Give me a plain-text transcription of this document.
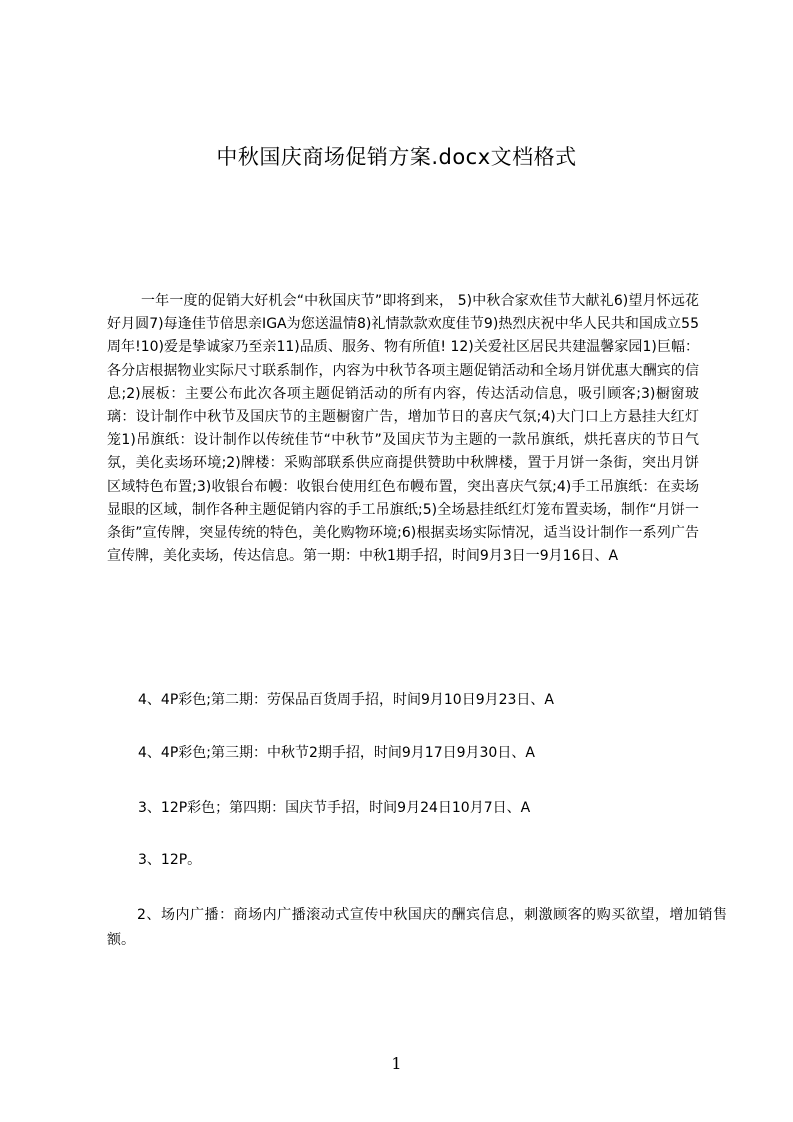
中秋国庆商场促销方案.docx文档格式
一年一度的促销大好机会“中秋国庆节”即将到来， 5)中秋合家欢佳节大献礼6)望月怀远花好月圆7)每逢佳节倍思亲IGA为您送温情8)礼情款款欢度佳节9)热烈庆祝中华人民共和国成立55周年!10)爱是挚诚家乃至亲11)品质、服务、物有所值! 12)关爱社区居民共建温馨家园1)巨幅：各分店根据物业实际尺寸联系制作，内容为中秋节各项主题促销活动和全场月饼优惠大酬宾的信息;2)展板：主要公布此次各项主题促销活动的所有内容，传达活动信息，吸引顾客;3)橱窗玻璃：设计制作中秋节及国庆节的主题橱窗广告，增加节日的喜庆气氛;4)大门口上方悬挂大红灯笼1)吊旗纸：设计制作以传统佳节“中秋节”及国庆节为主题的一款吊旗纸，烘托喜庆的节日气氛，美化卖场环境;2)牌楼：采购部联系供应商提供赞助中秋牌楼，置于月饼一条街，突出月饼区域特色布置;3)收银台布幔：收银台使用红色布幔布置，突出喜庆气氛;4)手工吊旗纸：在卖场显眼的区域，制作各种主题促销内容的手工吊旗纸;5)全场悬挂纸红灯笼布置卖场，制作“月饼一条街”宣传牌，突显传统的特色，美化购物环境;6)根据卖场实际情况，适当设计制作一系列广告宣传牌，美化卖场，传达信息。第一期：中秋1期手招，时间9月3日一9月16日、A
4、4P彩色;第二期：劳保品百货周手招，时间9月10日9月23日、A
4、4P彩色;第三期：中秋节2期手招，时间9月17日9月30日、A
3、12P彩色；第四期：国庆节手招，时间9月24日10月7日、A
3、12P。
2、场内广播：商场内广播滚动式宣传中秋国庆的酬宾信息，刺激顾客的购买欲望，增加销售额。
1
